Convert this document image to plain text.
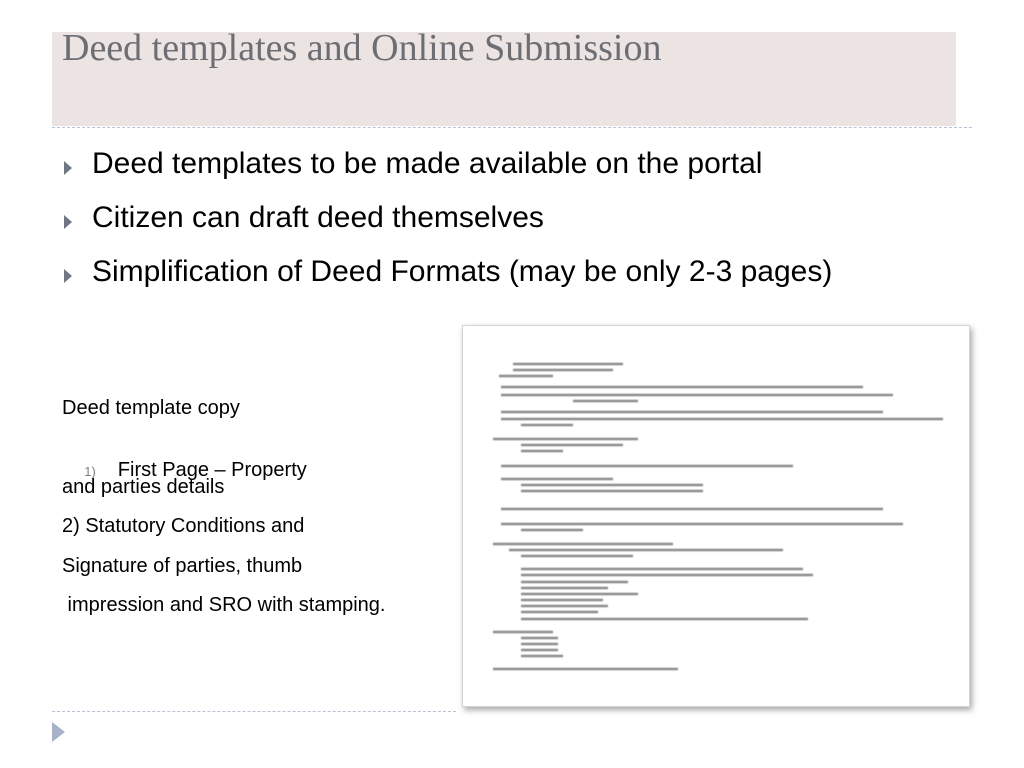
Deed templates and Online Submission
Deed templates to be made available on the portal
Citizen can draft deed themselves
Simplification of Deed Formats (may be only 2-3 pages)
Deed template copy

1) First Page – Property

and parties details
2) Statutory Conditions and
Signature of parties, thumb
impression and SRO with stamping.
